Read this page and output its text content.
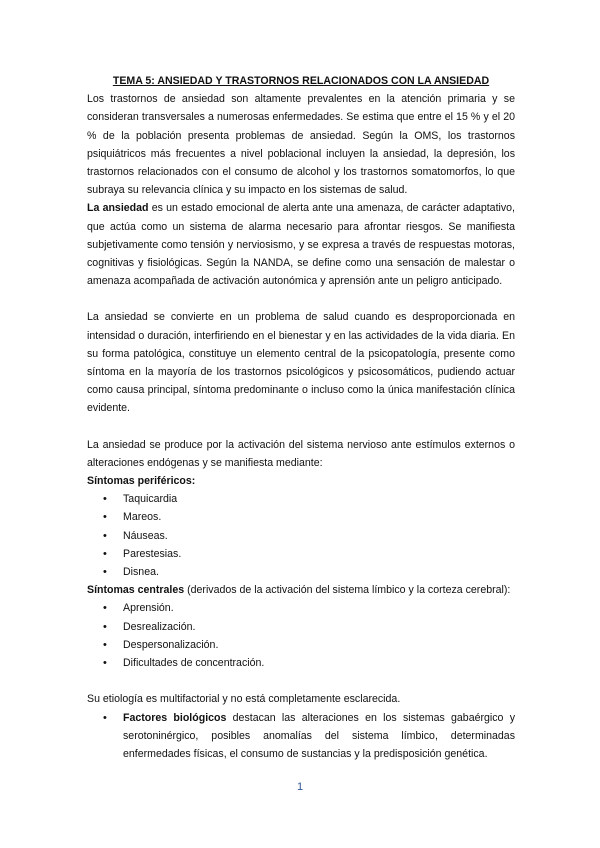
TEMA 5: ANSIEDAD Y TRASTORNOS RELACIONADOS CON LA ANSIEDAD

Los trastornos de ansiedad son altamente prevalentes en la atención primaria y se consideran transversales a numerosas enfermedades. Se estima que entre el 15 % y el 20 % de la población presenta problemas de ansiedad. Según la OMS, los trastornos psiquiátricos más frecuentes a nivel poblacional incluyen la ansiedad, la depresión, los trastornos relacionados con el consumo de alcohol y los trastornos somatomorfos, lo que subraya su relevancia clínica y su impacto en los sistemas de salud.

La ansiedad es un estado emocional de alerta ante una amenaza, de carácter adaptativo, que actúa como un sistema de alarma necesario para afrontar riesgos. Se manifiesta subjetivamente como tensión y nerviosismo, y se expresa a través de respuestas motoras, cognitivas y fisiológicas. Según la NANDA, se define como una sensación de malestar o amenaza acompañada de activación autonómica y aprensión ante un peligro anticipado.

La ansiedad se convierte en un problema de salud cuando es desproporcionada en intensidad o duración, interfiriendo en el bienestar y en las actividades de la vida diaria. En su forma patológica, constituye un elemento central de la psicopatología, presente como síntoma en la mayoría de los trastornos psicológicos y psicosomáticos, pudiendo actuar como causa principal, síntoma predominante o incluso como la única manifestación clínica evidente.

La ansiedad se produce por la activación del sistema nervioso ante estímulos externos o alteraciones endógenas y se manifiesta mediante:

Síntomas periféricos:
• Taquicardia
• Mareos.
• Náuseas.
• Parestesias.
• Disnea.
Síntomas centrales (derivados de la activación del sistema límbico y la corteza cerebral):
• Aprensión.
• Desrealización.
• Despersonalización.
• Dificultades de concentración.

Su etiología es multifactorial y no está completamente esclarecida.

• Factores biológicos destacan las alteraciones en los sistemas gabaérgico y serotoninérgico, posibles anomalías del sistema límbico, determinadas enfermedades físicas, el consumo de sustancias y la predisposición genética.
1
